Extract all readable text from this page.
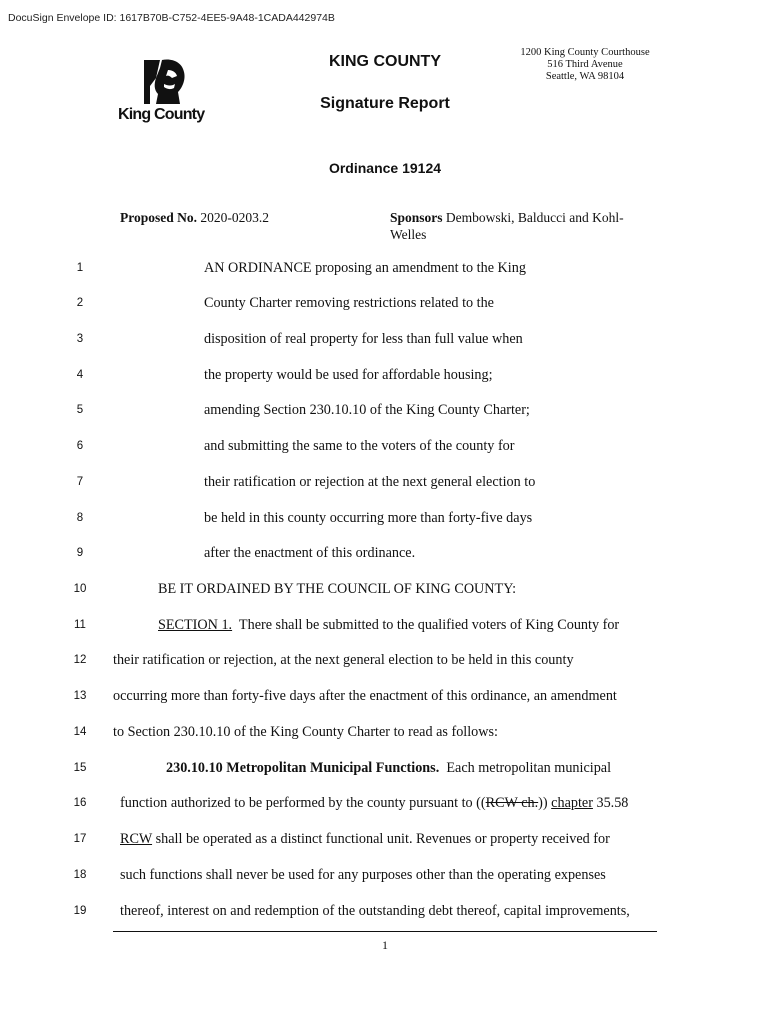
DocuSign Envelope ID: 1617B70B-C752-4EE5-9A48-1CADA442974B
King County
KING COUNTY
Signature Report
1200 King County Courthouse
516 Third Avenue
Seattle, WA 98104
Ordinance 19124
Proposed No. 2020-0203.2	Sponsors Dembowski, Balducci and Kohl-
Welles
1	AN ORDINANCE proposing an amendment to the King
2	County Charter removing restrictions related to the
3	disposition of real property for less than full value when
4	the property would be used for affordable housing;
5	amending Section 230.10.10 of the King County Charter;
6	and submitting the same to the voters of the county for
7	their ratification or rejection at the next general election to
8	be held in this county occurring more than forty-five days
9	after the enactment of this ordinance.
10	BE IT ORDAINED BY THE COUNCIL OF KING COUNTY:
11	SECTION 1.  There shall be submitted to the qualified voters of King County for
12	their ratification or rejection, at the next general election to be held in this county
13	occurring more than forty-five days after the enactment of this ordinance, an amendment
14	to Section 230.10.10 of the King County Charter to read as follows:
15	230.10.10 Metropolitan Municipal Functions.  Each metropolitan municipal
16	function authorized to be performed by the county pursuant to ((RCW ch.)) chapter 35.58
17	RCW shall be operated as a distinct functional unit. Revenues or property received for
18	such functions shall never be used for any purposes other than the operating expenses
19	thereof, interest on and redemption of the outstanding debt thereof, capital improvements,
1
